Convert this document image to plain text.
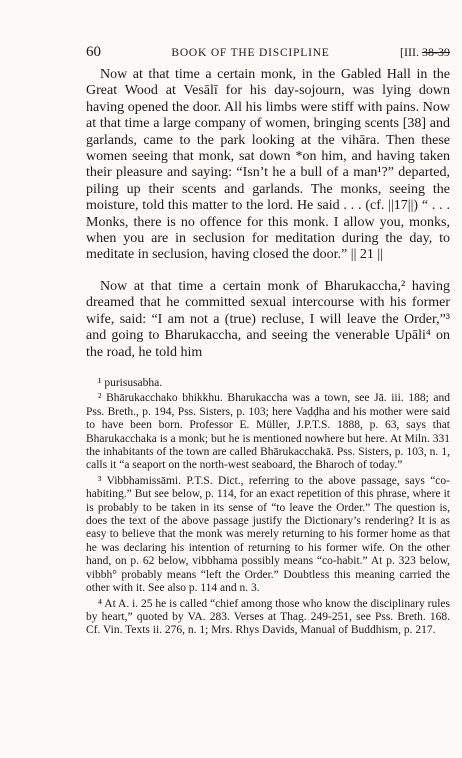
60	BOOK OF THE DISCIPLINE	[III. 38-39

Now at that time a certain monk, in the Gabled Hall in the Great Wood at Vesālī for his day-sojourn, was lying down having opened the door. All his limbs were stiff with pains. Now at that time a large company of women, bringing scents [38] and garlands, came to the park looking at the vihāra. Then these women seeing that monk, sat down *on him, and having taken their pleasure and saying: “Isn’t he a bull of a man¹?” departed, piling up their scents and garlands. The monks, seeing the moisture, told this matter to the lord. He said . . . (cf. ||17||) “ . . . Monks, there is no offence for this monk. I allow you, monks, when you are in seclusion for meditation during the day, to meditate in seclusion, having closed the door.” || 21 ||

Now at that time a certain monk of Bharukaccha,² having dreamed that he committed sexual intercourse with his former wife, said: “I am not a (true) recluse, I will leave the Order,”³ and going to Bharukaccha, and seeing the venerable Upāli⁴ on the road, he told him

¹ purisusabha.

² Bhārukacchako bhikkhu. Bharukaccha was a town, see Jā. iii. 188; and Pss. Breth., p. 194, Pss. Sisters, p. 103; here Vaḍḍha and his mother were said to have been born. Professor E. Müller, J.P.T.S. 1888, p. 63, says that Bharukacchaka is a monk; but he is mentioned nowhere but here. At Miln. 331 the inhabitants of the town are called Bhārukacchakā. Pss. Sisters, p. 103, n. 1, calls it “a seaport on the north-west seaboard, the Bharoch of today.”

³ Vibbhamissāmi. P.T.S. Dict., referring to the above passage, says “co-habiting.” But see below, p. 114, for an exact repetition of this phrase, where it is probably to be taken in its sense of “to leave the Order.” The question is, does the text of the above passage justify the Dictionary’s rendering? It is as easy to believe that the monk was merely returning to his former home as that he was declaring his intention of returning to his former wife. On the other hand, on p. 62 below, vibbhama possibly means “co-habit.” At p. 323 below, vibbh° probably means “left the Order.” Doubtless this meaning carried the other with it. See also p. 114 and n. 3.

⁴ At A. i. 25 he is called “chief among those who know the disciplinary rules by heart,” quoted by VA. 283. Verses at Thag. 249-251, see Pss. Breth. 168. Cf. Vin. Texts ii. 276, n. 1; Mrs. Rhys Davids, Manual of Buddhism, p. 217.
